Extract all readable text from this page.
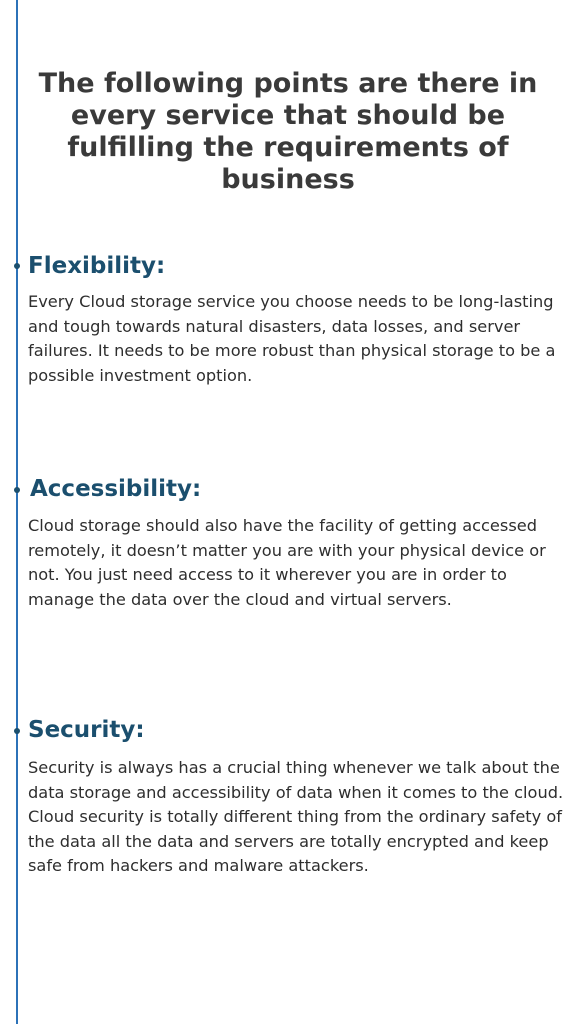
The following points are there in every service that should be fulfilling the requirements of business
Flexibility:

Every Cloud storage service you choose needs to be long-lasting and tough towards natural disasters, data losses, and server failures. It needs to be more robust than physical storage to be a possible investment option.

Accessibility:

Cloud storage should also have the facility of getting accessed remotely, it doesn’t matter you are with your physical device or not. You just need access to it wherever you are in order to manage the data over the cloud and virtual servers.

Security:

Security is always has a crucial thing whenever we talk about the data storage and accessibility of data when it comes to the cloud. Cloud security is totally different thing from the ordinary safety of the data all the data and servers are totally encrypted and keep safe from hackers and malware attackers.
